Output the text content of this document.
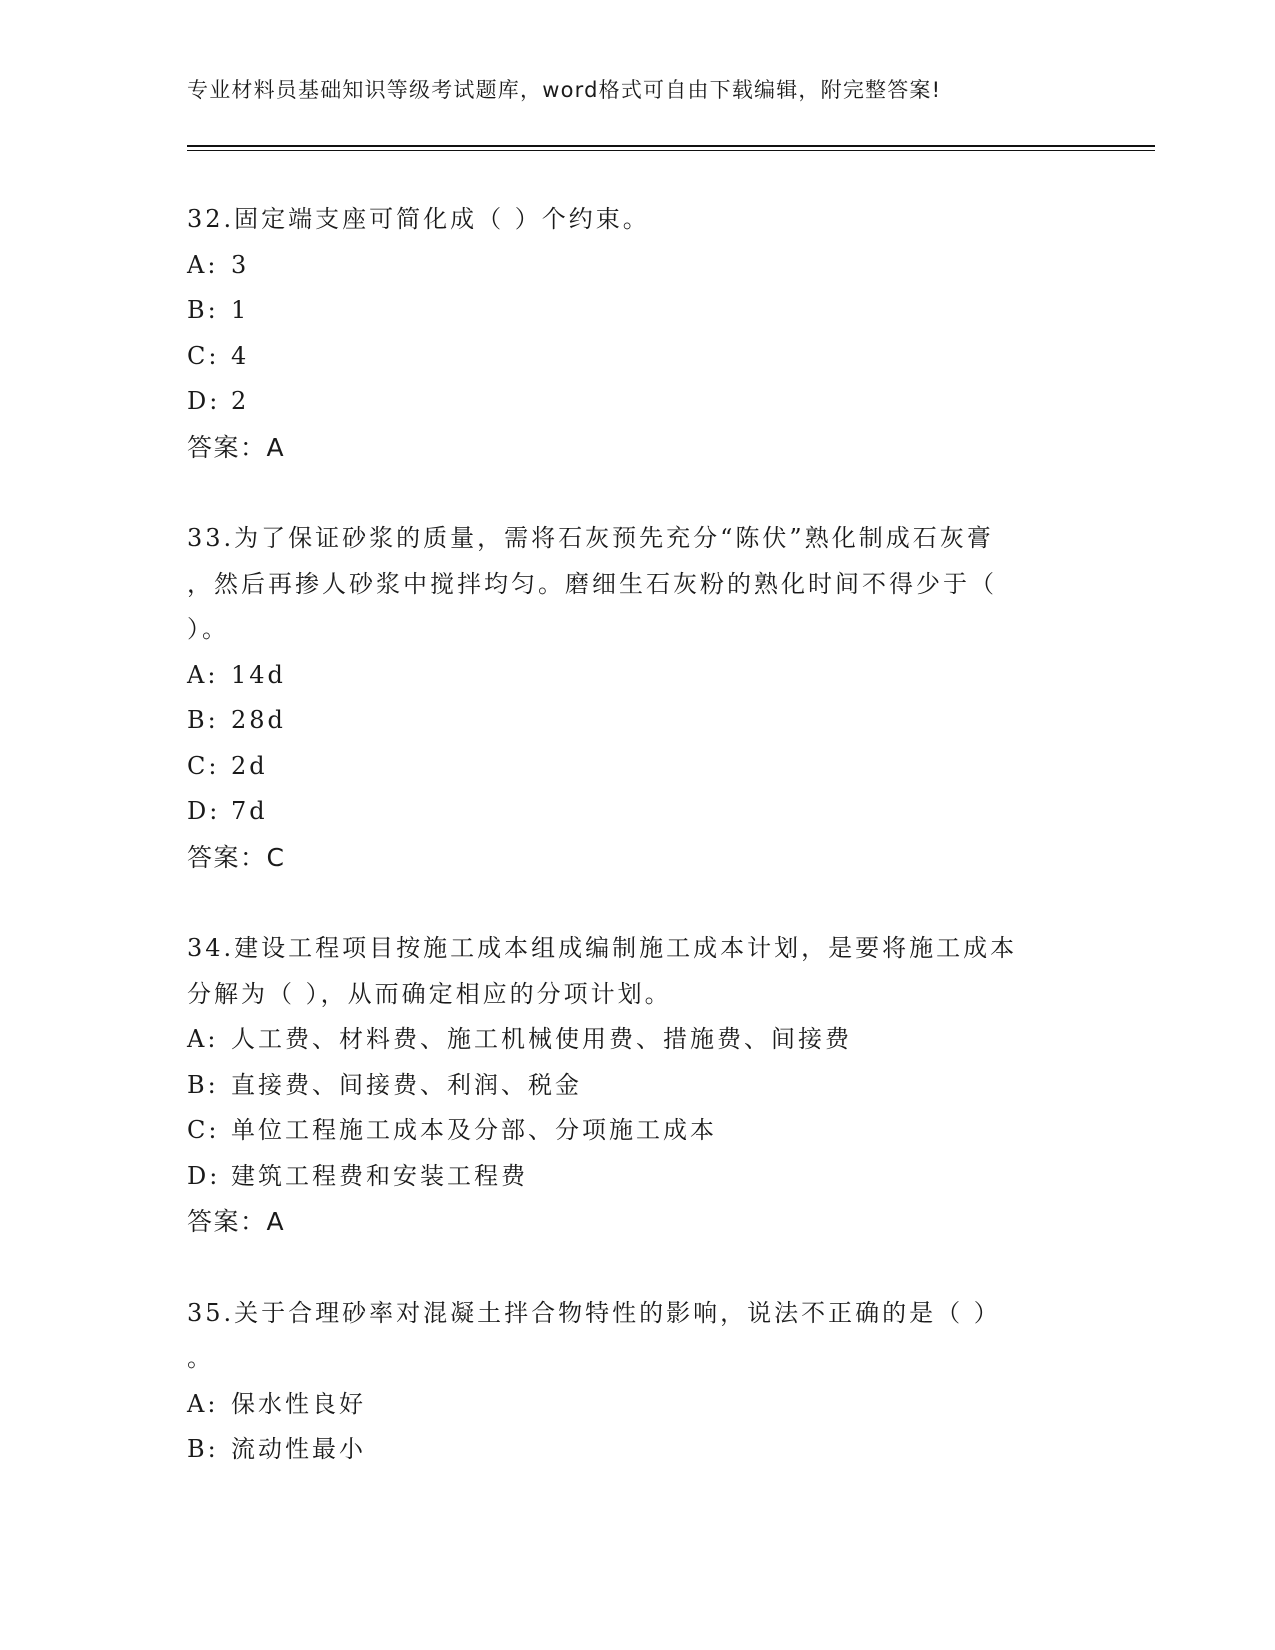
专业材料员基础知识等级考试题库，word格式可自由下载编辑，附完整答案!
32.固定端支座可简化成（ ）个约束。
A: 3
B: 1
C: 4
D: 2
答案：A
33.为了保证砂浆的质量，需将石灰预先充分“陈伏”熟化制成石灰膏
，然后再掺人砂浆中搅拌均匀。磨细生石灰粉的熟化时间不得少于（
）。
A: 14d
B: 28d
C: 2d
D: 7d
答案：C
34.建设工程项目按施工成本组成编制施工成本计划，是要将施工成本
分解为（ ），从而确定相应的分项计划。
A: 人工费、材料费、施工机械使用费、措施费、间接费
B: 直接费、间接费、利润、税金
C: 单位工程施工成本及分部、分项施工成本
D: 建筑工程费和安装工程费
答案：A
35.关于合理砂率对混凝土拌合物特性的影响，说法不正确的是（ ）
。
A: 保水性良好
B: 流动性最小
